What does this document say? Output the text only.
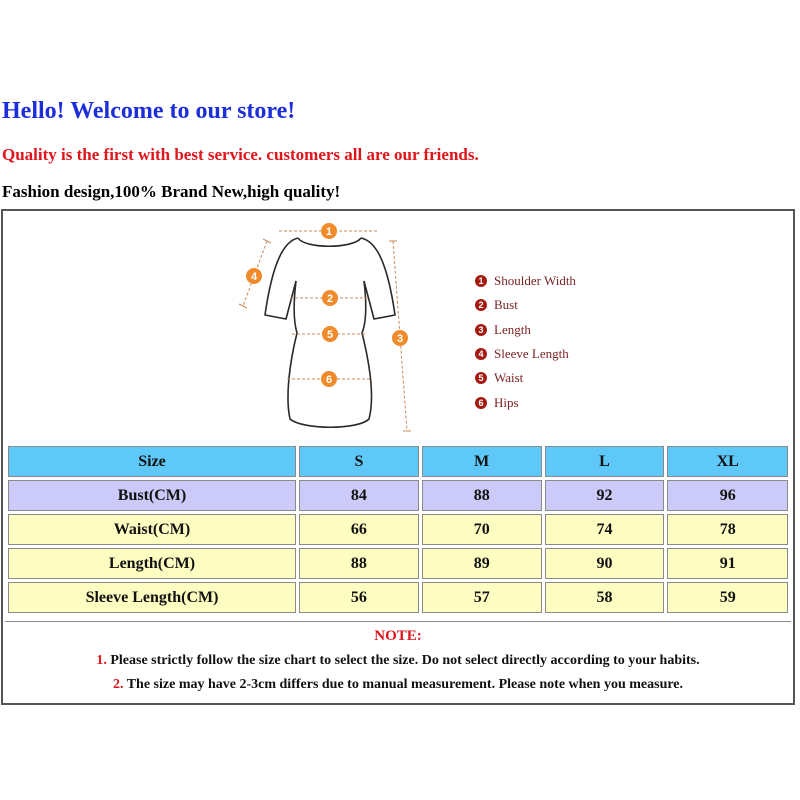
Hello! Welcome to our store!

Quality is the first with best service. customers all are our friends.

Fashion design,100% Brand New,high quality!

1
2
3
4
5
6
1 Shoulder Width
2 Bust
3 Length
4 Sleeve Length
5 Waist
6 Hips
Size	S	M	L	XL
Bust(CM)	84	88	92	96
Waist(CM)	66	70	74	78
Length(CM)	88	89	90	91
Sleeve Length(CM)	56	57	58	59
NOTE:
1. Please strictly follow the size chart to select the size. Do not select directly according to your habits.
2. The size may have 2-3cm differs due to manual measurement. Please note when you measure.
